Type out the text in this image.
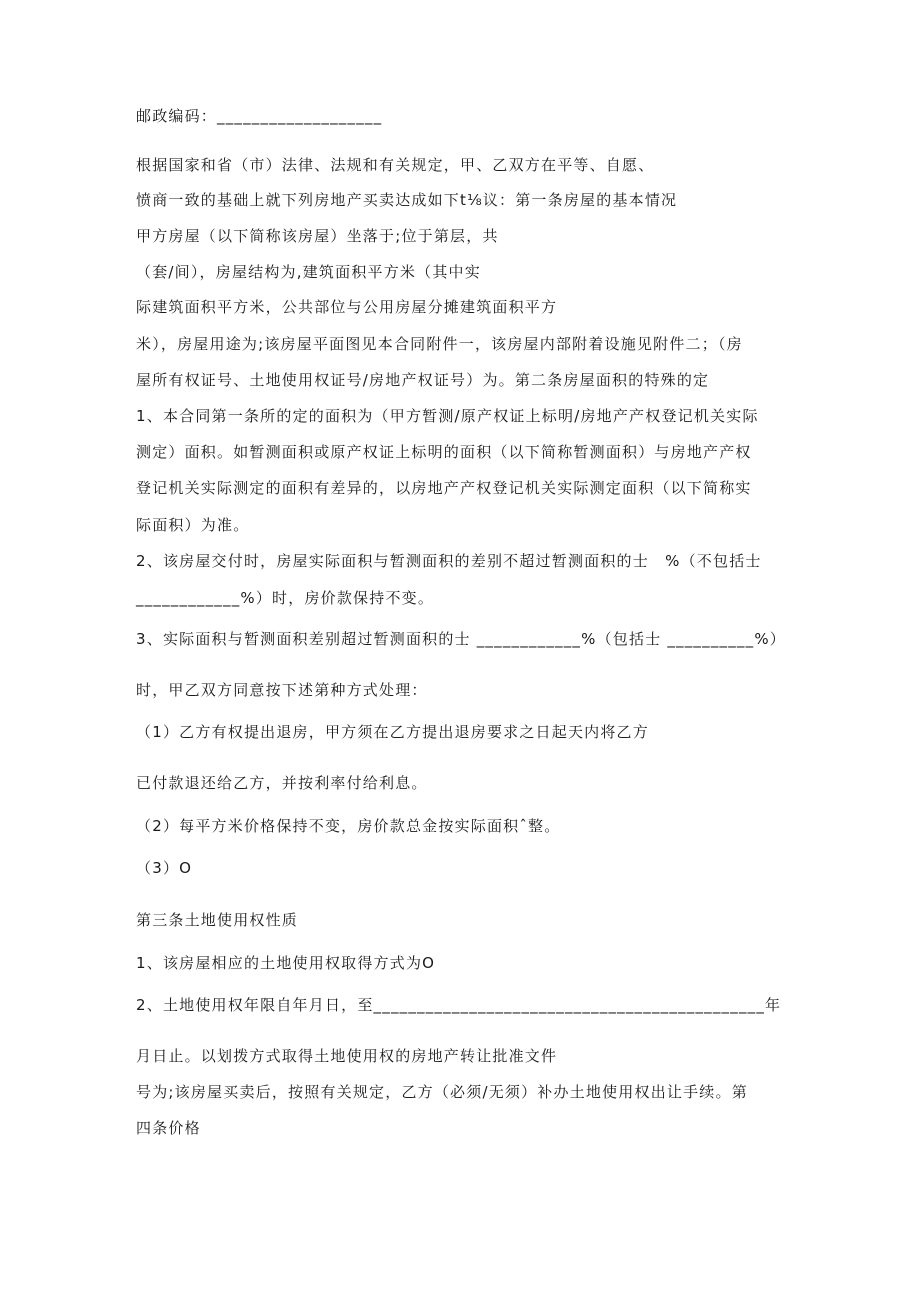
邮政编码：___________________
根据国家和省（市）法律、法规和有关规定，甲、乙双方在平等、自愿、
愤商一致的基础上就下列房地产买卖达成如下t⅛议：第一条房屋的基本情况
甲方房屋（以下简称该房屋）坐落于;位于第层，共
（套/间），房屋结构为,建筑面积平方米（其中实
际建筑面积平方米，公共部位与公用房屋分摊建筑面积平方
米），房屋用途为;该房屋平面图见本合同附件一，该房屋内部附着设施见附件二；（房
屋所有权证号、土地使用权证号/房地产权证号）为。第二条房屋面积的特殊的定
1、本合同第一条所的定的面积为（甲方暂测/原产权证上标明/房地产产权登记机关实际
测定）面积。如暂测面积或原产权证上标明的面积（以下简称暂测面积）与房地产产权
登记机关实际测定的面积有差异的，以房地产产权登记机关实际测定面积（以下简称实
际面积）为准。
2、该房屋交付时，房屋实际面积与暂测面积的差别不超过暂测面积的士　%（不包括士
____________%）时，房价款保持不变。
3、实际面积与暂测面积差别超过暂测面积的士 ____________%（包括士 __________%）
时，甲乙双方同意按下述第种方式处理：
（1）乙方有权提出退房，甲方须在乙方提出退房要求之日起天内将乙方
已付款退还给乙方，并按利率付给利息。
（2）每平方米价格保持不变，房价款总金按实际面积ˆ整。
（3）O
第三条土地使用权性质
1、该房屋相应的土地使用权取得方式为O
2、土地使用权年限自年月日，至_____________________________________________年
月日止。以划拨方式取得土地使用权的房地产转让批准文件
号为;该房屋买卖后，按照有关规定，乙方（必须/无须）补办土地使用权出让手续。第
四条价格
